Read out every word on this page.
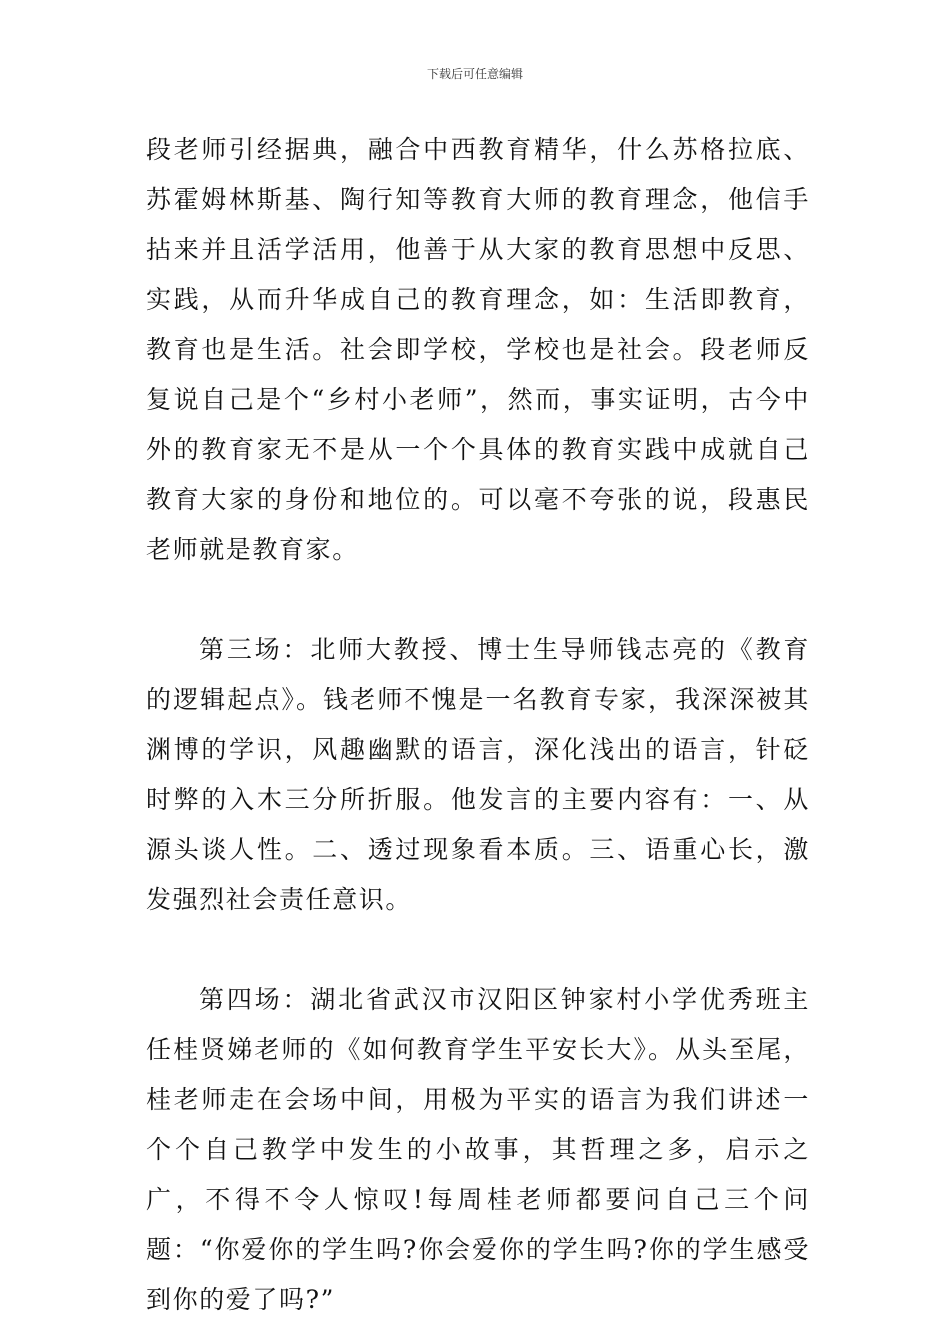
下载后可任意编辑

段老师引经据典，融合中西教育精华，什么苏格拉底、苏霍姆林斯基、陶行知等教育大师的教育理念，他信手拈来并且活学活用，他善于从大家的教育思想中反思、实践，从而升华成自己的教育理念，如：生活即教育，教育也是生活。社会即学校，学校也是社会。段老师反复说自己是个“乡村小老师”，然而，事实证明，古今中外的教育家无不是从一个个具体的教育实践中成就自己教育大家的身份和地位的。可以毫不夸张的说，段惠民老师就是教育家。

第三场：北师大教授、博士生导师钱志亮的《教育的逻辑起点》。钱老师不愧是一名教育专家，我深深被其渊博的学识，风趣幽默的语言，深化浅出的语言，针砭时弊的入木三分所折服。他发言的主要内容有：一、从源头谈人性。二、透过现象看本质。三、语重心长，激发强烈社会责任意识。

第四场：湖北省武汉市汉阳区钟家村小学优秀班主任桂贤娣老师的《如何教育学生平安长大》。从头至尾，桂老师走在会场中间，用极为平实的语言为我们讲述一个个自己教学中发生的小故事，其哲理之多，启示之广，不得不令人惊叹!每周桂老师都要问自己三个问题：“你爱你的学生吗?你会爱你的学生吗?你的学生感受到你的爱了吗?”
